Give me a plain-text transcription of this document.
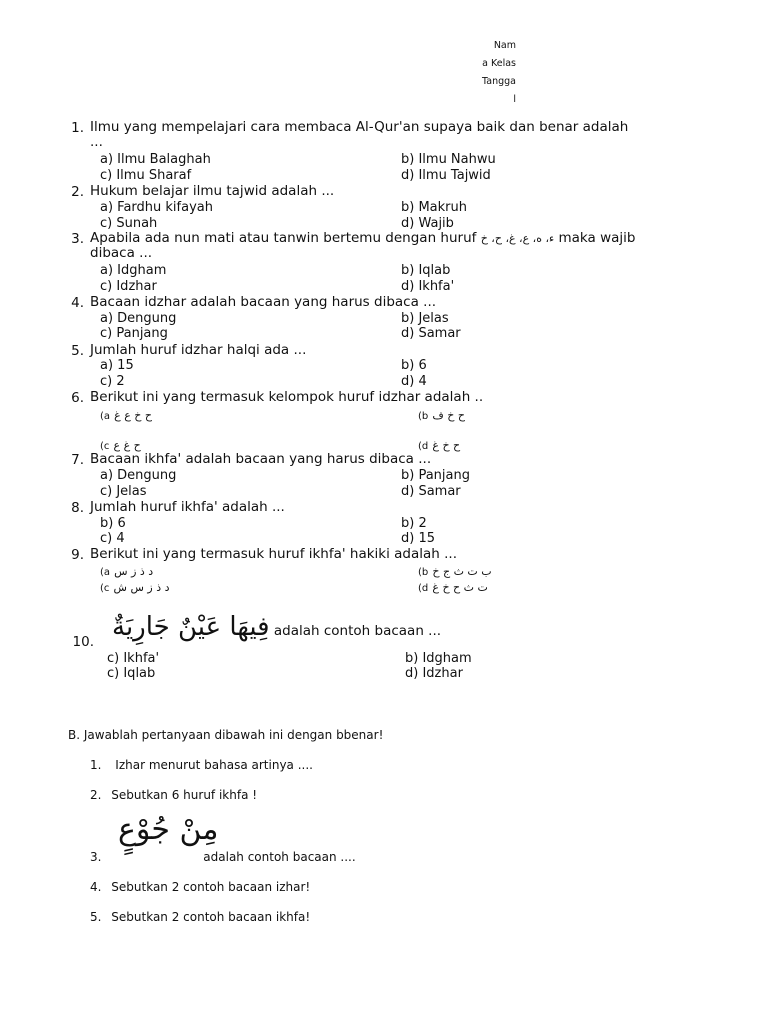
Nam
a Kelas
Tangga
l
1. Ilmu yang mempelajari cara membaca Al-Qur'an supaya baik dan benar adalah
...
a) Ilmu Balaghah	b) Ilmu Nahwu
c) Ilmu Sharaf	d) Ilmu Tajwid
2. Hukum belajar ilmu tajwid adalah ...
a) Fardhu kifayah	b) Makruh
c) Sunah	d) Wajib
3. Apabila ada nun mati atau tanwin bertemu dengan huruf ء، ه، ع، غ، ح، خ maka wajib
dibaca ...
a) Idgham	b) Iqlab
c) Idzhar	d) Ikhfa'
4. Bacaan idzhar adalah bacaan yang harus dibaca ...
a) Dengung	b) Jelas
c) Panjang	d) Samar
5. Jumlah huruf idzhar halqi ada ...
a) 15	b) 6
c) 2	d) 4
6. Berikut ini yang termasuk kelompok huruf idzhar adalah ..
(a ح خ ع غ	(b ح خ ف
(c ح غ ع	(d ح خ غ
7. Bacaan ikhfa' adalah bacaan yang harus dibaca ...
a) Dengung	b) Panjang
c) Jelas	d) Samar
8. Jumlah huruf ikhfa' adalah ...
b) 6	b) 2
c) 4	d) 15
9. Berikut ini yang termasuk huruf ikhfa' hakiki adalah ...
(a د ذ ز س	(b ب ت ث ج خ
(c د ذ ز س ش	(d ت ث ح خ غ
10. فِيهَا عَيْنٌ جَارِيَةٌ adalah contoh bacaan ...
c) Ikhfa'	b) Idgham
c) Iqlab	d) Idzhar
B. Jawablah pertanyaan dibawah ini dengan bbenar!
1. Izhar menurut bahasa artinya ....
2. Sebutkan 6 huruf ikhfa !
مِنْ جُوْعٍ
3.	adalah contoh bacaan ....
4. Sebutkan 2 contoh bacaan izhar!
5. Sebutkan 2 contoh bacaan ikhfa!
